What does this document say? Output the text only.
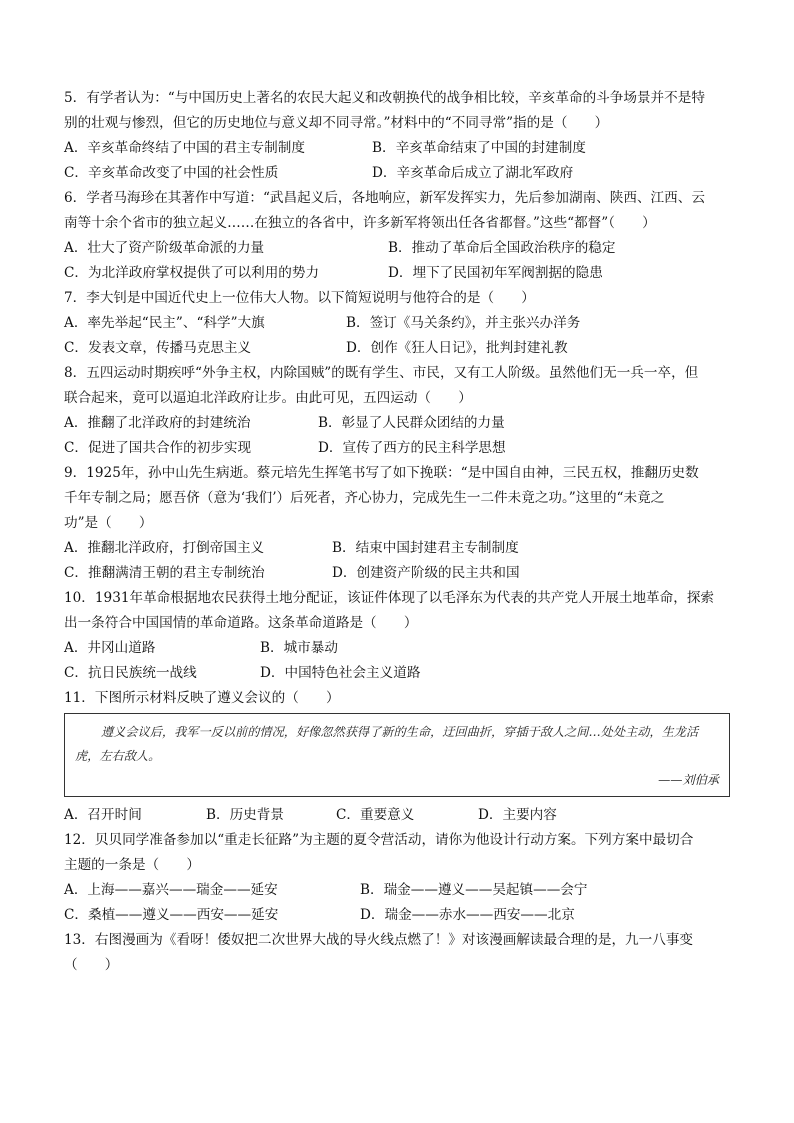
5．有学者认为：“与中国历史上著名的农民大起义和改朝换代的战争相比较，辛亥革命的斗争场景并不是特
别的壮观与惨烈，但它的历史地位与意义却不同寻常。”材料中的“不同寻常”指的是（　　）
A．辛亥革命终结了中国的君主专制制度	B．辛亥革命结束了中国的封建制度
C．辛亥革命改变了中国的社会性质	D．辛亥革命后成立了湖北军政府
6．学者马海珍在其著作中写道：“武昌起义后，各地响应，新军发挥实力，先后参加湖南、陕西、江西、云
南等十余个省市的独立起义……在独立的各省中，许多新军将领出任各省都督。”这些“都督”（　　）
A．壮大了资产阶级革命派的力量	B．推动了革命后全国政治秩序的稳定
C．为北洋政府掌权提供了可以利用的势力	D．埋下了民国初年军阀割据的隐患
7．李大钊是中国近代史上一位伟大人物。以下简短说明与他符合的是（　　）
A．率先举起“民主”、“科学”大旗	B．签订《马关条约》，并主张兴办洋务
C．发表文章，传播马克思主义	D．创作《狂人日记》，批判封建礼教
8．五四运动时期疾呼“外争主权，内除国贼”的既有学生、市民，又有工人阶级。虽然他们无一兵一卒，但
联合起来，竟可以逼迫北洋政府让步。由此可见，五四运动（　　）
A．推翻了北洋政府的封建统治	B．彰显了人民群众团结的力量
C．促进了国共合作的初步实现	D．宣传了西方的民主科学思想
9．1925年，孙中山先生病逝。蔡元培先生挥笔书写了如下挽联：“是中国自由神，三民五权，推翻历史数
千年专制之局；愿吾侪（意为‘我们’）后死者，齐心协力，完成先生一二件未竟之功。”这里的“未竟之
功”是（　　）
A．推翻北洋政府，打倒帝国主义	B．结束中国封建君主专制制度
C．推翻满清王朝的君主专制统治	D．创建资产阶级的民主共和国
10．1931年革命根据地农民获得土地分配证，该证件体现了以毛泽东为代表的共产党人开展土地革命，探索
出一条符合中国国情的革命道路。这条革命道路是（　　）
A．井冈山道路	B．城市暴动
C．抗日民族统一战线	D．中国特色社会主义道路
11．下图所示材料反映了遵义会议的（　　）
遵义会议后，我军一反以前的情况，好像忽然获得了新的生命，迂回曲折，穿插于敌人之间…处处主动，生龙活虎，左右敌人。
——刘伯承
A．召开时间	B．历史背景	C．重要意义	D．主要内容
12．贝贝同学准备参加以“重走长征路”为主题的夏令营活动，请你为他设计行动方案。下列方案中最切合
主题的一条是（　　）
A．上海——嘉兴——瑞金——延安	B．瑞金——遵义——吴起镇——会宁
C．桑植——遵义——西安——延安	D．瑞金——赤水——西安——北京
13．右图漫画为《看呀！倭奴把二次世界大战的导火线点燃了！》对该漫画解读最合理的是，九一八事变
（　　）
